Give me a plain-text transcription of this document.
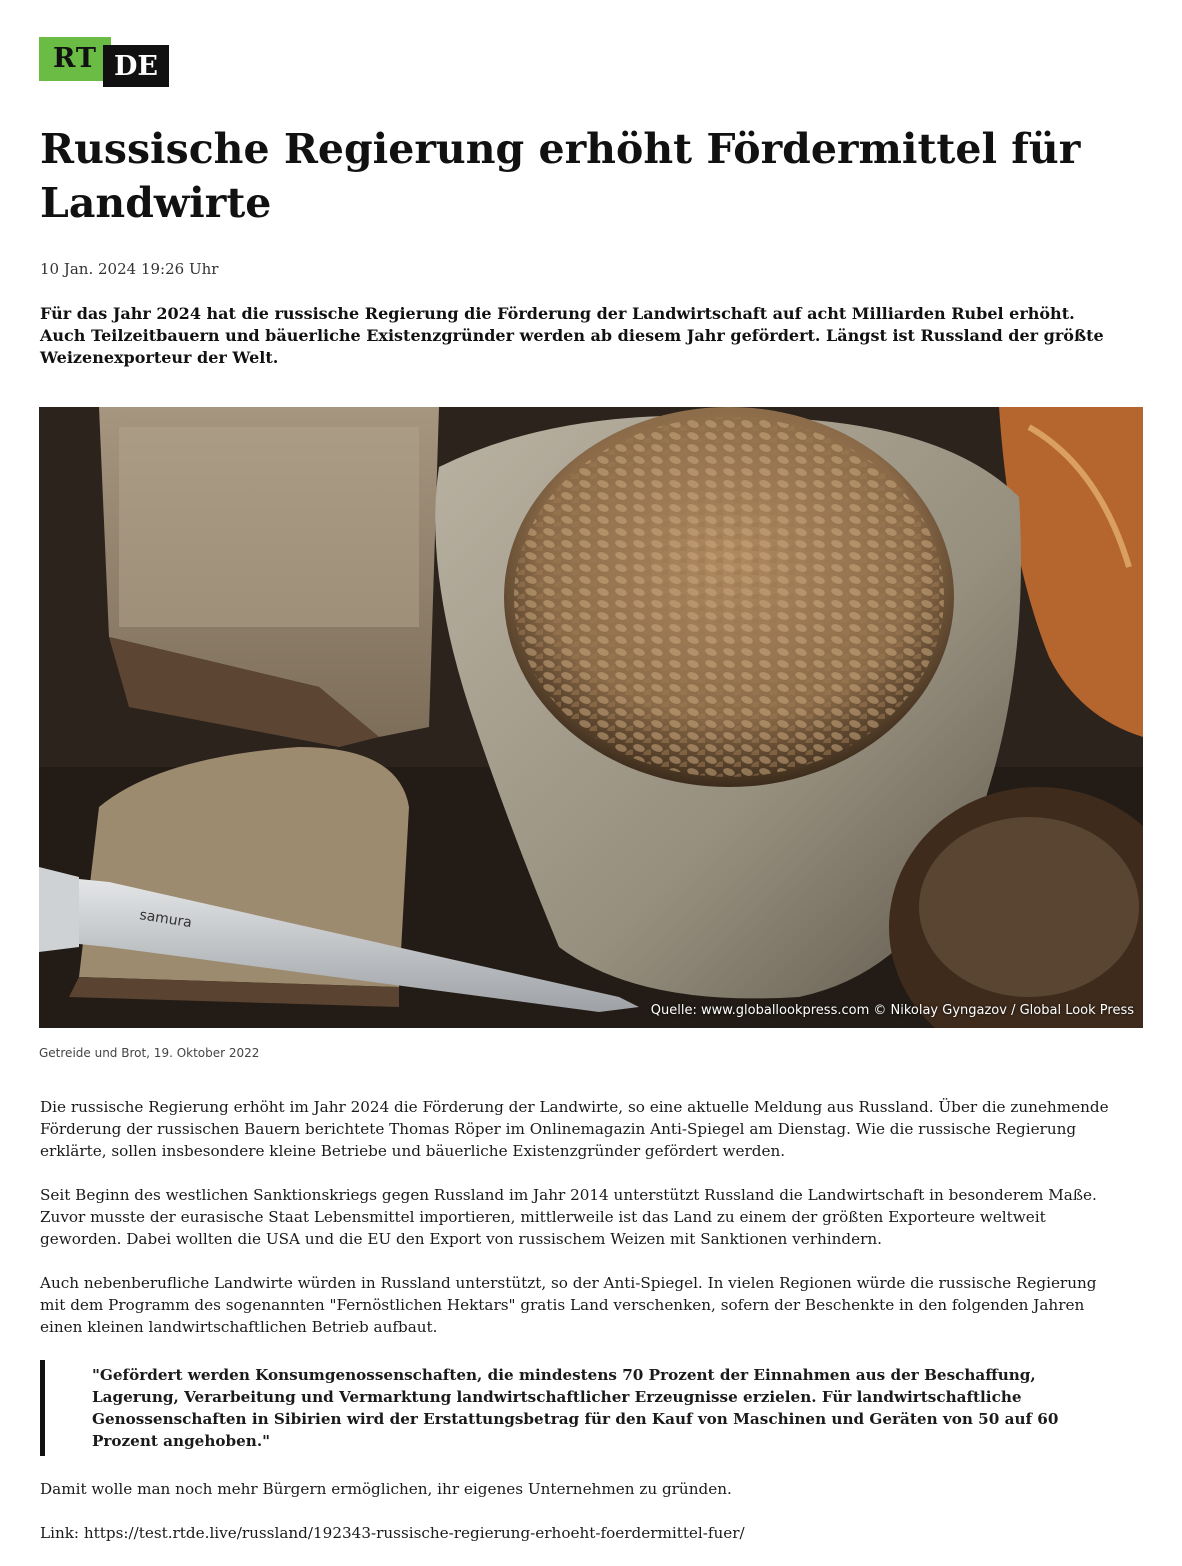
RT DE
Russische Regierung erhöht Fördermittel für Landwirte
10 Jan. 2024 19:26 Uhr

Für das Jahr 2024 hat die russische Regierung die Förderung der Landwirtschaft auf acht Milliarden Rubel erhöht. Auch Teilzeitbauern und bäuerliche Existenzgründer werden ab diesem Jahr gefördert. Längst ist Russland der größte Weizenexporteur der Welt.

samura
Quelle: www.globallookpress.com © Nikolay Gyngazov / Global Look Press
Getreide und Brot, 19. Oktober 2022

Die russische Regierung erhöht im Jahr 2024 die Förderung der Landwirte, so eine aktuelle Meldung aus Russland. Über die zunehmende Förderung der russischen Bauern berichtete Thomas Röper im Onlinemagazin Anti-Spiegel am Dienstag. Wie die russische Regierung erklärte, sollen insbesondere kleine Betriebe und bäuerliche Existenzgründer gefördert werden.

Seit Beginn des westlichen Sanktionskriegs gegen Russland im Jahr 2014 unterstützt Russland die Landwirtschaft in besonderem Maße. Zuvor musste der eurasische Staat Lebensmittel importieren, mittlerweile ist das Land zu einem der größten Exporteure weltweit geworden. Dabei wollten die USA und die EU den Export von russischem Weizen mit Sanktionen verhindern.

Auch nebenberufliche Landwirte würden in Russland unterstützt, so der Anti-Spiegel. In vielen Regionen würde die russische Regierung mit dem Programm des sogenannten "Fernöstlichen Hektars" gratis Land verschenken, sofern der Beschenkte in den folgenden Jahren einen kleinen landwirtschaftlichen Betrieb aufbaut.

"Gefördert werden Konsumgenossenschaften, die mindestens 70 Prozent der Einnahmen aus der Beschaffung, Lagerung, Verarbeitung und Vermarktung landwirtschaftlicher Erzeugnisse erzielen. Für landwirtschaftliche Genossenschaften in Sibirien wird der Erstattungsbetrag für den Kauf von Maschinen und Geräten von 50 auf 60 Prozent angehoben."

Damit wolle man noch mehr Bürgern ermöglichen, ihr eigenes Unternehmen zu gründen.

Link: https://test.rtde.live/russland/192343-russische-regierung-erhoeht-foerdermittel-fuer/
